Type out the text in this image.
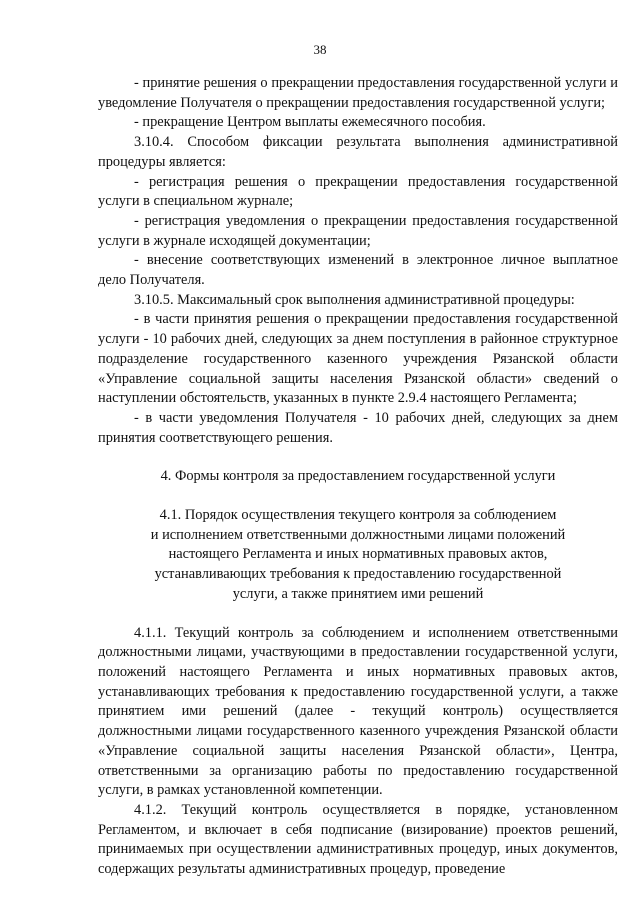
38

- принятие решения о прекращении предоставления государственной услуги и уведомление Получателя о прекращении предоставления государственной услуги;

- прекращение Центром выплаты ежемесячного пособия.

3.10.4. Способом фиксации результата выполнения административной процедуры является:

- регистрация решения о прекращении предоставления государственной услуги в специальном журнале;

- регистрация уведомления о прекращении предоставления государственной услуги в журнале исходящей документации;

- внесение соответствующих изменений в электронное личное выплатное дело Получателя.

3.10.5. Максимальный срок выполнения административной процедуры:

- в части принятия решения о прекращении предоставления государственной услуги - 10 рабочих дней, следующих за днем поступления в районное структурное подразделение государственного казенного учреждения Рязанской области «Управление социальной защиты населения Рязанской области» сведений о наступлении обстоятельств, указанных в пункте 2.9.4 настоящего Регламента;

- в части уведомления Получателя - 10 рабочих дней, следующих за днем принятия соответствующего решения.

4. Формы контроля за предоставлением государственной услуги

4.1. Порядок осуществления текущего контроля за соблюдением
и исполнением ответственными должностными лицами положений
настоящего Регламента и иных нормативных правовых актов,
устанавливающих требования к предоставлению государственной
услуги, а также принятием ими решений

4.1.1. Текущий контроль за соблюдением и исполнением ответственными должностными лицами, участвующими в предоставлении государственной услуги, положений настоящего Регламента и иных нормативных правовых актов, устанавливающих требования к предоставлению государственной услуги, а также принятием ими решений (далее - текущий контроль) осуществляется должностными лицами государственного казенного учреждения Рязанской области «Управление социальной защиты населения Рязанской области», Центра, ответственными за организацию работы по предоставлению государственной услуги, в рамках установленной компетенции.

4.1.2. Текущий контроль осуществляется в порядке, установленном Регламентом, и включает в себя подписание (визирование) проектов решений, принимаемых при осуществлении административных процедур, иных документов, содержащих результаты административных процедур, проведение
